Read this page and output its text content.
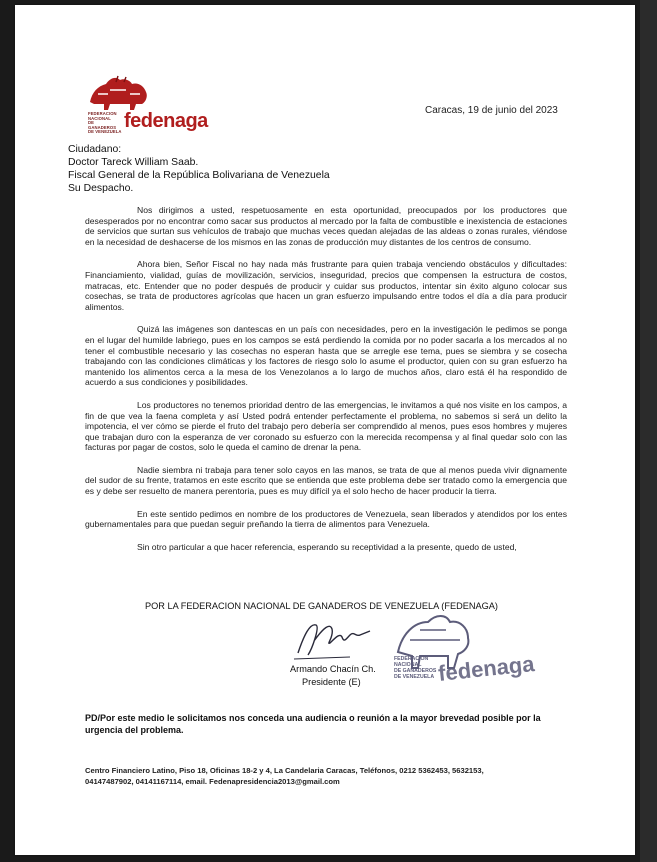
FEDERACION
NACIONAL
DE
GANADEROS
DE VENEZUELA fedenaga	Caracas, 19 de junio del 2023
Ciudadano:
Doctor Tareck William Saab.
Fiscal General de la República Bolivariana de Venezuela
Su Despacho.

Nos dirigimos a usted, respetuosamente en esta oportunidad, preocupados por los productores que desesperados por no encontrar como sacar sus productos al mercado por la falta de combustible e inexistencia de estaciones de servicios que surtan sus vehículos de trabajo que muchas veces quedan alejadas de las aldeas o zonas rurales, viéndose en la necesidad de deshacerse de los mismos en las zonas de producción muy distantes de los centros de consumo.

Ahora bien, Señor Fiscal no hay nada más frustrante para quien trabaja venciendo obstáculos y dificultades: Financiamiento, vialidad, guías de movilización, servicios, inseguridad, precios que compensen la estructura de costos, matracas, etc. Entender que no poder después de producir y cuidar sus productos, intentar sin éxito alguno colocar sus cosechas, se trata de productores agrícolas que hacen un gran esfuerzo impulsando entre todos el día a día para producir alimentos.

Quizá las imágenes son dantescas en un país con necesidades, pero en la investigación le pedimos se ponga en el lugar del humilde labriego, pues en los campos se está perdiendo la comida por no poder sacarla a los mercados al no tener el combustible necesario y las cosechas no esperan hasta que se arregle ese tema, pues se siembra y se cosecha trabajando con las condiciones climáticas y los factores de riesgo solo lo asume el productor, quien con su gran esfuerzo ha mantenido los alimentos cerca a la mesa de los Venezolanos a lo largo de muchos años, claro está él ha respondido de acuerdo a sus condiciones y posibilidades.

Los productores no tenemos prioridad dentro de las emergencias, le invitamos a qué nos visite en los campos, a fin de que vea la faena completa y así Usted podrá entender perfectamente el problema, no sabemos si será un delito la impotencia, el ver cómo se pierde el fruto del trabajo pero debería ser comprendido al menos, pues esos hombres y mujeres que trabajan duro con la esperanza de ver coronado su esfuerzo con la merecida recompensa y al final quedar solo con las facturas por pagar de costos, solo le queda el camino de drenar la pena.

Nadie siembra ni trabaja para tener solo cayos en las manos, se trata de que al menos pueda vivir dignamente del sudor de su frente, tratamos en este escrito que se entienda que este problema debe ser tratado como la emergencia que es y debe ser resuelto de manera perentoria, pues es muy difícil ya el solo hecho de hacer producir la tierra.

En este sentido pedimos en nombre de los productores de Venezuela, sean liberados y atendidos por los entes gubernamentales para que puedan seguir preñando la tierra de alimentos para Venezuela.

Sin otro particular a que hacer referencia, esperando su receptividad a la presente, quedo de usted,

POR LA FEDERACION NACIONAL DE GANADEROS DE VENEZUELA (FEDENAGA)
FEDERACION
NACIONAL
DE GANADEROS
DE VENEZUELA fedenaga
Armando Chacín Ch.
Presidente (E)
PD/Por este medio le solicitamos nos conceda una audiencia o reunión a la mayor brevedad posible por la urgencia del problema.
Centro Financiero Latino, Piso 18, Oficinas 18-2 y 4, La Candelaria Caracas, Teléfonos, 0212 5362453, 5632153,
04147487902, 04141167114, email. Fedenapresidencia2013@gmail.com
